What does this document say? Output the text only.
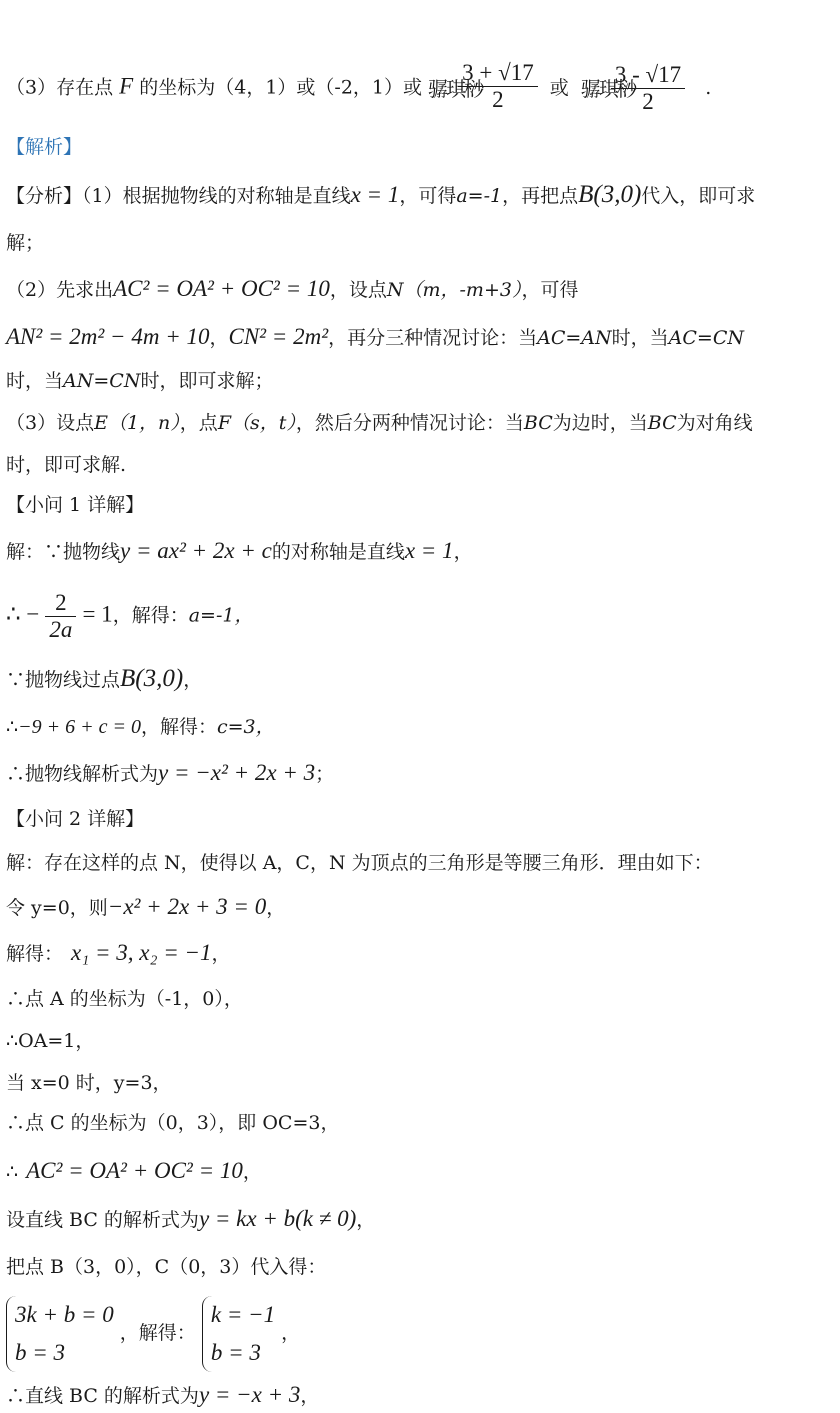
（3）存在点 F 的坐标为（4，1）或（-2，1）或 骣琪桫
$\frac{3 + √17}{2}$ 或 骣琪桫
$\frac{3 - √17}{2}$ .
【解析】
【分析】（1）根据抛物线的对称轴是直线x = 1，可得a=-1，再把点B(3,0)代入，即可求
解；
（2）先求出AC² = OA² + OC² = 10，设点N（m，-m+3），可得
AN² = 2m² − 4m + 10，CN² = 2m²，再分三种情况讨论：当AC=AN时，当AC=CN
时，当AN=CN时，即可求解；
（3）设点E（1，n），点F（s，t），然后分两种情况讨论：当BC为边时，当BC为对角线
时，即可求解.
【小问 1 详解】
解：∵抛物线y = ax² + 2x + c的对称轴是直线x = 1，
∴ − $\frac{2}{2a} = 1$，解得：a=-1，
∵抛物线过点B(3,0)，
∴−9 + 6 + c = 0，解得：c=3，
∴抛物线解析式为y = −x² + 2x + 3；
【小问 2 详解】
解：存在这样的点 N，使得以 A，C，N 为顶点的三角形是等腰三角形．理由如下：
令 y=0，则−x² + 2x + 3 = 0，
解得： x₁ = 3, x₂ = −1，
∴点 A 的坐标为（-1，0），
∴OA=1，
当 x=0 时，y=3，
∴点 C 的坐标为（0，3），即 OC=3，
∴ AC² = OA² + OC² = 10，
设直线 BC 的解析式为y = kx + b(k ≠ 0)，
把点 B（3，0），C（0，3）代入得：
3k + b = 0
b = 3
，解得：
k = −1
b = 3
，
∴直线 BC 的解析式为y = −x + 3，
